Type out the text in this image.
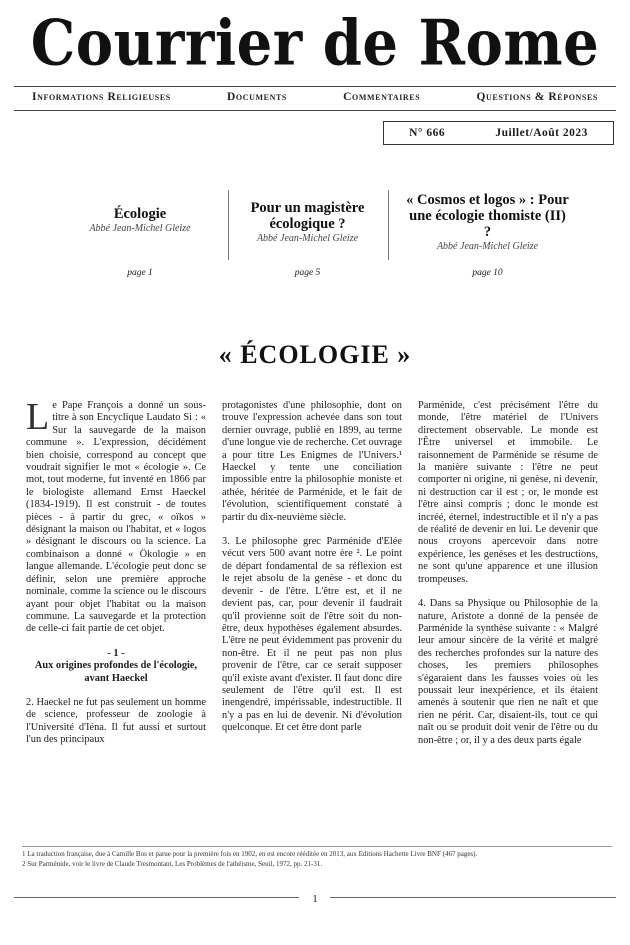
Courrier de Rome
Informations Religieuses	Documents	Commentaires	Questions & Réponses
N° 666	Juillet/Août 2023
Écologie
Abbé Jean-Michel Gleize
page 1
Pour un magistère écologique ?
Abbé Jean-Michel Gleize
page 5
« Cosmos et logos » : Pour une écologie thomiste (II) ?
Abbé Jean-Michel Gleize
page 10
« ÉCOLOGIE »

Le Pape François a donné un sous-titre à son Encyclique Laudato Si : « Sur la sauvegarde de la maison commune ». L'expression, décidément bien choisie, correspond au concept que voudrait signifier le mot « écologie ». Ce mot, tout moderne, fut inventé en 1866 par le biologiste allemand Ernst Haeckel (1834-1919). Il est construit - de toutes pièces - à partir du grec, « oïkos » désignant la maison ou l'habitat, et « logos » désignant le discours ou la science. La combinaison a donné « Ökologie » en langue allemande. L'écologie peut donc se définir, selon une première approche nominale, comme la science ou le discours ayant pour objet l'habitat ou la maison commune. La sauvegarde et la protection de celle-ci fait partie de cet objet.

- 1 -
Aux origines profondes de l'écologie, avant Haeckel

2. Haeckel ne fut pas seulement un homme de science, professeur de zoologie à l'Université d'Iéna. Il fut aussi et surtout l'un des principaux

protagonistes d'une philosophie, dont on trouve l'expression achevée dans son tout dernier ouvrage, publié en 1899, au terme d'une longue vie de recherche. Cet ouvrage a pour titre Les Enigmes de l'Univers.¹ Haeckel y tente une conciliation impossible entre la philosophie moniste et athée, héritée de Parménide, et le fait de l'évolution, scientifiquement constaté à partir du dix-neuvième siècle.

3. Le philosophe grec Parménide d'Elée vécut vers 500 avant notre ère ². Le point de départ fondamental de sa réflexion est le rejet absolu de la genèse - et donc du devenir - de l'être. L'être est, et il ne devient pas, car, pour devenir il faudrait qu'il provienne soit de l'être soit du non-être, deux hypothèses également absurdes. L'être ne peut évidemment pas provenir du non-être. Et il ne peut pas non plus provenir de l'être, car ce serait supposer qu'il existe avant d'exister. Il faut donc dire seulement de l'être qu'il est. Il est inengendré, impérissable, indestructible. Il n'y a pas en lui de devenir. Ni d'évolution quelconque. Et cet être dont parle

Parménide, c'est précisément l'être du monde, l'être matériel de l'Univers directement observable. Le monde est l'Être universel et immobile. Le raisonnement de Parménide se résume de la manière suivante : l'être ne peut comporter ni origine, ni genèse, ni devenir, ni destruction car il est ; or, le monde est l'être ainsi compris ; donc le monde est incréé, éternel, indestructible et il n'y a pas de réalité de devenir en lui. Le devenir que nous croyons apercevoir dans notre expérience, les genèses et les destructions, ne sont qu'une apparence et une illusion trompeuses.

4. Dans sa Physique ou Philosophie de la nature, Aristote a donné de la pensée de Parménide la synthèse suivante : « Malgré leur amour sincère de la vérité et malgré des recherches profondes sur la nature des choses, les premiers philosophes s'égaraient dans les fausses voies où les poussait leur inexpérience, et ils étaient amenés à soutenir que rien ne naît et que rien ne périt. Car, disaient-ils, tout ce qui naît ou se produit doit venir de l'être ou du non-être ; or, il y a des deux parts égale

1 La traduction française, due à Camille Bos et parue pour la première fois en 1902, en est encore rééditée en 2013, aux Editions Hachette Livre BNF (467 pages).
2 Sur Parménide, voir le livre de Claude Tresmontant, Les Problèmes de l'athéisme, Seuil, 1972, pp. 21-31.
1
